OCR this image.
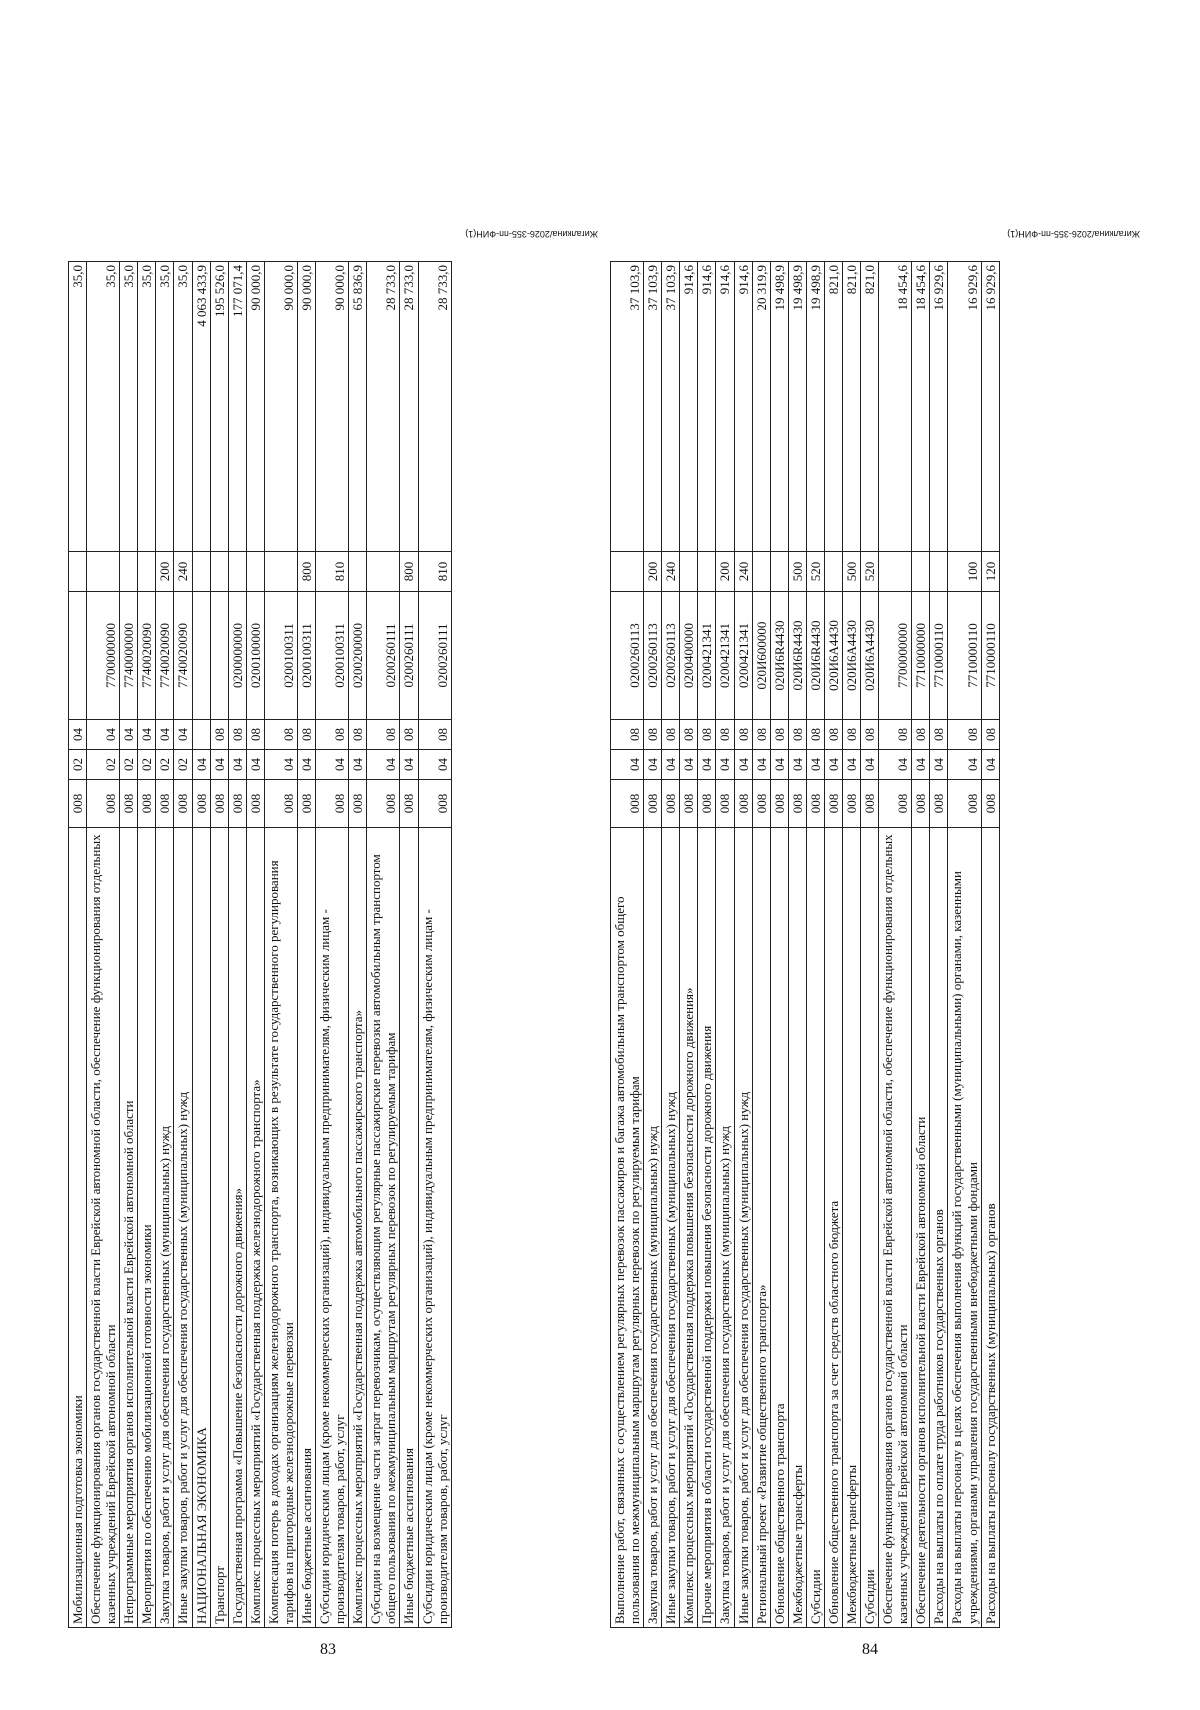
83
Мобилизационная подготовка экономики	008	02	04			35,0
Обеспечение функционирования органов государственной власти Еврейской автономной области, обеспечение функционирования отдельных казенных учреждений Еврейской автономной области	008	02	04	7700000000		35,0
Непрограммные мероприятия органов исполнительной власти Еврейской автономной области	008	02	04	7740000000		35,0
Мероприятия по обеспечению мобилизационной готовности экономики	008	02	04	7740020090		35,0
Закупка товаров, работ и услуг для обеспечения государственных (муниципальных) нужд	008	02	04	7740020090	200	35,0
Иные закупки товаров, работ и услуг для обеспечения государственных (муниципальных) нужд	008	02	04	7740020090	240	35,0
НАЦИОНАЛЬНАЯ ЭКОНОМИКА	008	04				4 063 433,9
Транспорт	008	04	08			195 526,0
Государственная программа «Повышение безопасности дорожного движения»	008	04	08	0200000000		177 071,4
Комплекс процессных мероприятий «Государственная поддержка железнодорожного транспорта»	008	04	08	0200100000		90 000,0
Компенсация потерь в доходах организациям железнодорожного транспорта, возникающих в результате государственного регулирования тарифов на пригородные железнодорожные перевозки	008	04	08	0200100311		90 000,0
Иные бюджетные ассигнования	008	04	08	0200100311	800	90 000,0
Субсидии юридическим лицам (кроме некоммерческих организаций), индивидуальным предпринимателям, физическим лицам - производителям товаров, работ, услуг	008	04	08	0200100311	810	90 000,0
Комплекс процессных мероприятий «Государственная поддержка автомобильного пассажирского транспорта»	008	04	08	0200200000		65 836,9
Субсидии на возмещение части затрат перевозчикам, осуществляющим регулярные пассажирские перевозки автомобильным транспортом общего пользования по межмуниципальным маршрутам регулярных перевозок по регулируемым тарифам	008	04	08	0200260111		28 733,0
Иные бюджетные ассигнования	008	04	08	0200260111	800	28 733,0
Субсидии юридическим лицам (кроме некоммерческих организаций), индивидуальным предпринимателям, физическим лицам - производителям товаров, работ, услуг	008	04	08	0200260111	810	28 733,0
Жигалкина/2026-355-пп-ФИН(1)
84
Выполнение работ, связанных с осуществлением регулярных перевозок пассажиров и багажа автомобильным транспортом общего пользования по межмуниципальным маршрутам регулярных перевозок по регулируемым тарифам	008	04	08	0200260113		37 103,9
Закупка товаров, работ и услуг для обеспечения государственных (муниципальных) нужд	008	04	08	0200260113	200	37 103,9
Иные закупки товаров, работ и услуг для обеспечения государственных (муниципальных) нужд	008	04	08	0200260113	240	37 103,9
Комплекс процессных мероприятий «Государственная поддержка повышения безопасности дорожного движения»	008	04	08	0200400000		914,6
Прочие мероприятия в области государственной поддержки повышения безопасности дорожного движения	008	04	08	0200421341		914,6
Закупка товаров, работ и услуг для обеспечения государственных (муниципальных) нужд	008	04	08	0200421341	200	914,6
Иные закупки товаров, работ и услуг для обеспечения государственных (муниципальных) нужд	008	04	08	0200421341	240	914,6
Региональный проект «Развитие общественного транспорта»	008	04	08	020И600000		20 319,9
Обновление общественного транспорта	008	04	08	020И6R4430		19 498,9
Межбюджетные трансферты	008	04	08	020И6R4430	500	19 498,9
Субсидии	008	04	08	020И6R4430	520	19 498,9
Обновление общественного транспорта за счет средств областного бюджета	008	04	08	020И6А4430		821,0
Межбюджетные трансферты	008	04	08	020И6А4430	500	821,0
Субсидии	008	04	08	020И6А4430	520	821,0
Обеспечение функционирования органов государственной власти Еврейской автономной области, обеспечение функционирования отдельных казенных учреждений Еврейской автономной области	008	04	08	7700000000		18 454,6
Обеспечение деятельности органов исполнительной власти Еврейской автономной области	008	04	08	7710000000		18 454,6
Расходы на выплаты по оплате труда работников государственных органов	008	04	08	7710000110		16 929,6
Расходы на выплаты персоналу в целях обеспечения выполнения функций государственными (муниципальными) органами, казенными учреждениями, органами управления государственными внебюджетными фондами	008	04	08	7710000110	100	16 929,6
Расходы на выплаты персоналу государственных (муниципальных) органов	008	04	08	7710000110	120	16 929,6
Жигалкина/2026-355-пп-ФИН(1)
